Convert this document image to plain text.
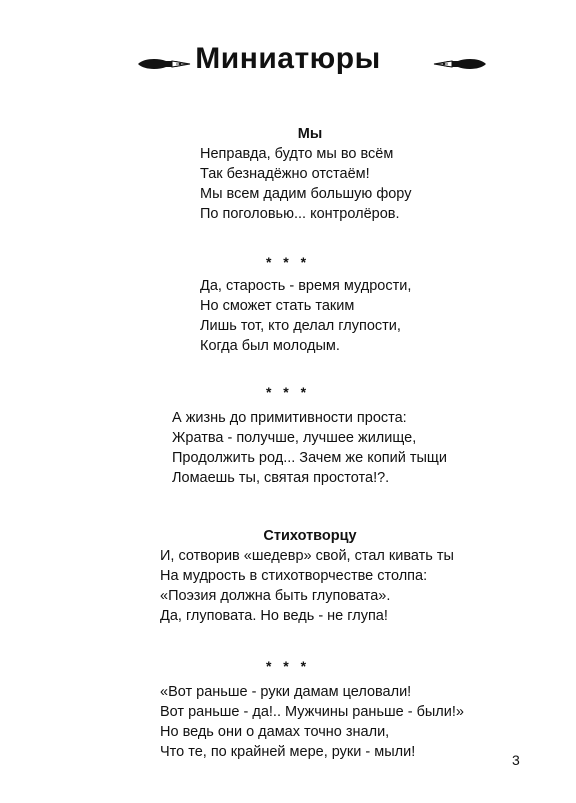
Миниатюры
Мы
Неправда, будто мы во всём
Так безнадёжно отстаём!
Мы всем дадим большую фору
По поголовью... контролёров.
* * *
Да, старость - время мудрости,
Но сможет стать таким
Лишь тот, кто делал глупости,
Когда был молодым.
* * *
А жизнь до примитивности проста:
Жратва - получше, лучшее жилище,
Продолжить род... Зачем же копий тыщи
Ломаешь ты, святая простота!?.
Стихотворцу
И, сотворив «шедевр» свой, стал кивать ты
На мудрость в стихотворчестве столпа:
«Поэзия должна быть глуповата».
Да, глуповата. Но ведь - не глупа!
* * *
«Вот раньше - руки дамам целовали!
Вот раньше - да!.. Мужчины раньше - были!»
Но ведь они о дамах точно знали,
Что те, по крайней мере, руки - мыли!	3
